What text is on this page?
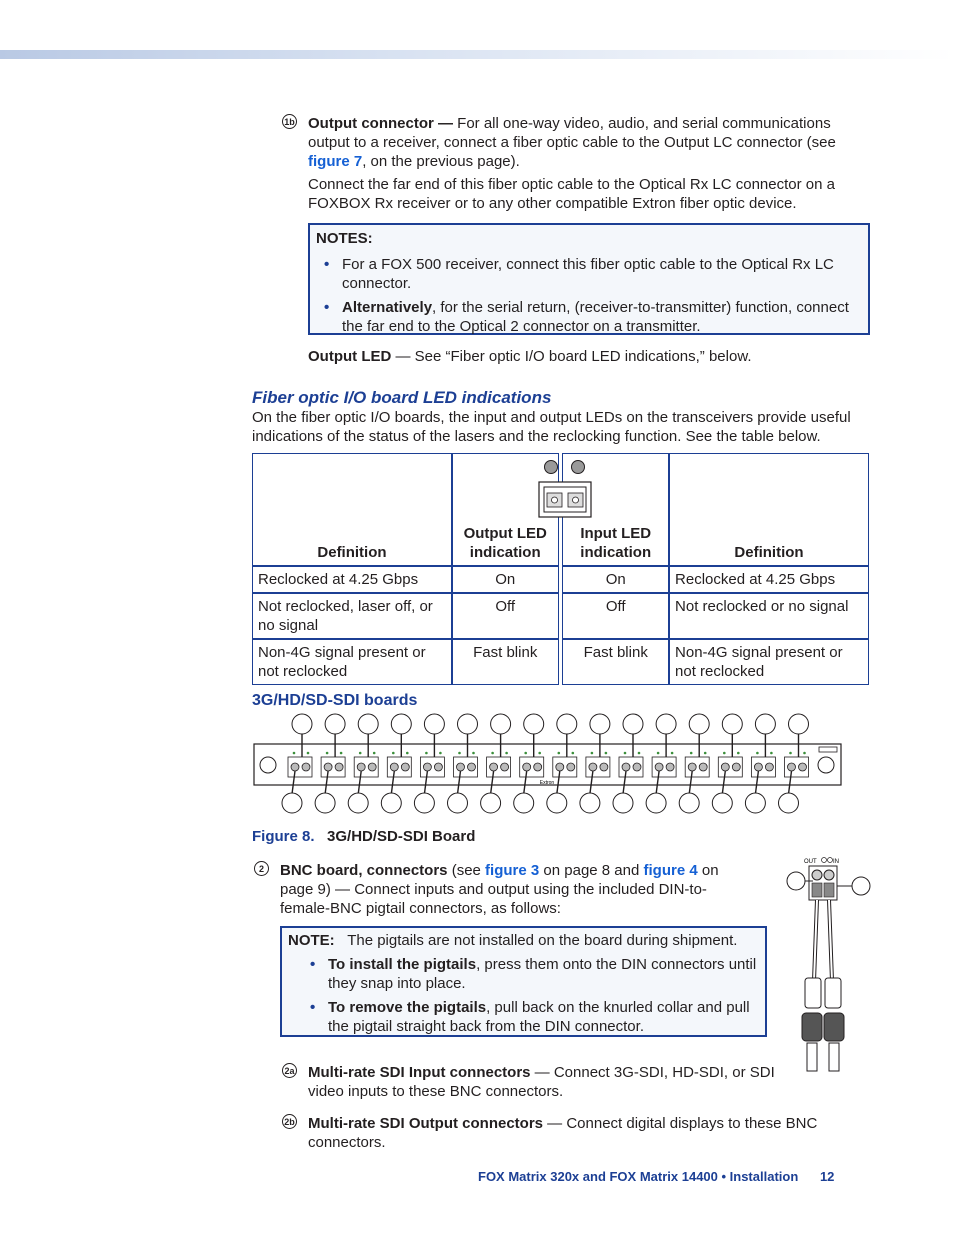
1b Output connector — For all one-way video, audio, and serial communications output to a receiver, connect a fiber optic cable to the Output LC connector (see figure 7, on the previous page).

Connect the far end of this fiber optic cable to the Optical Rx LC connector on a FOXBOX Rx receiver or to any other compatible Extron fiber optic device.

NOTES:
• For a FOX 500 receiver, connect this fiber optic cable to the Optical Rx LC connector.
• Alternatively, for the serial return, (receiver-to-transmitter) function, connect the far end to the Optical 2 connector on a transmitter.

Output LED — See “Fiber optic I/O board LED indications,” below.

Fiber optic I/O board LED indications

On the fiber optic I/O boards, the input and output LEDs on the transceivers provide useful indications of the status of the lasers and the reclocking function. See the table below.

Definition	Output LED indication		Input LED indication	Definition
Reclocked at 4.25 Gbps	On		On	Reclocked at 4.25 Gbps
Not reclocked, laser off, or no signal	Off		Off	Not reclocked or no signal
Non-4G signal present or not reclocked	Fast blink		Fast blink	Non-4G signal present or not reclocked
3G/HD/SD-SDI boards
Extron
Figure 8. 3G/HD/SD-SDI Board
2	BNC board, connectors (see figure 3 on page 8 and figure 4 on page 9) — Connect inputs and output using the included DIN-to-female-BNC pigtail connectors, as follows:

NOTE: The pigtails are not installed on the board during shipment.
• To install the pigtails, press them onto the DIN connectors until they snap into place.
• To remove the pigtails, pull back on the knurled collar and pull the pigtail straight back from the DIN connector.
OUT	IN
2a Multi-rate SDI Input connectors — Connect 3G-SDI, HD-SDI, or SDI video inputs to these BNC connectors.

2b Multi-rate SDI Output connectors — Connect digital displays to these BNC connectors.

FOX Matrix 320x and FOX Matrix 14400 • Installation 12
